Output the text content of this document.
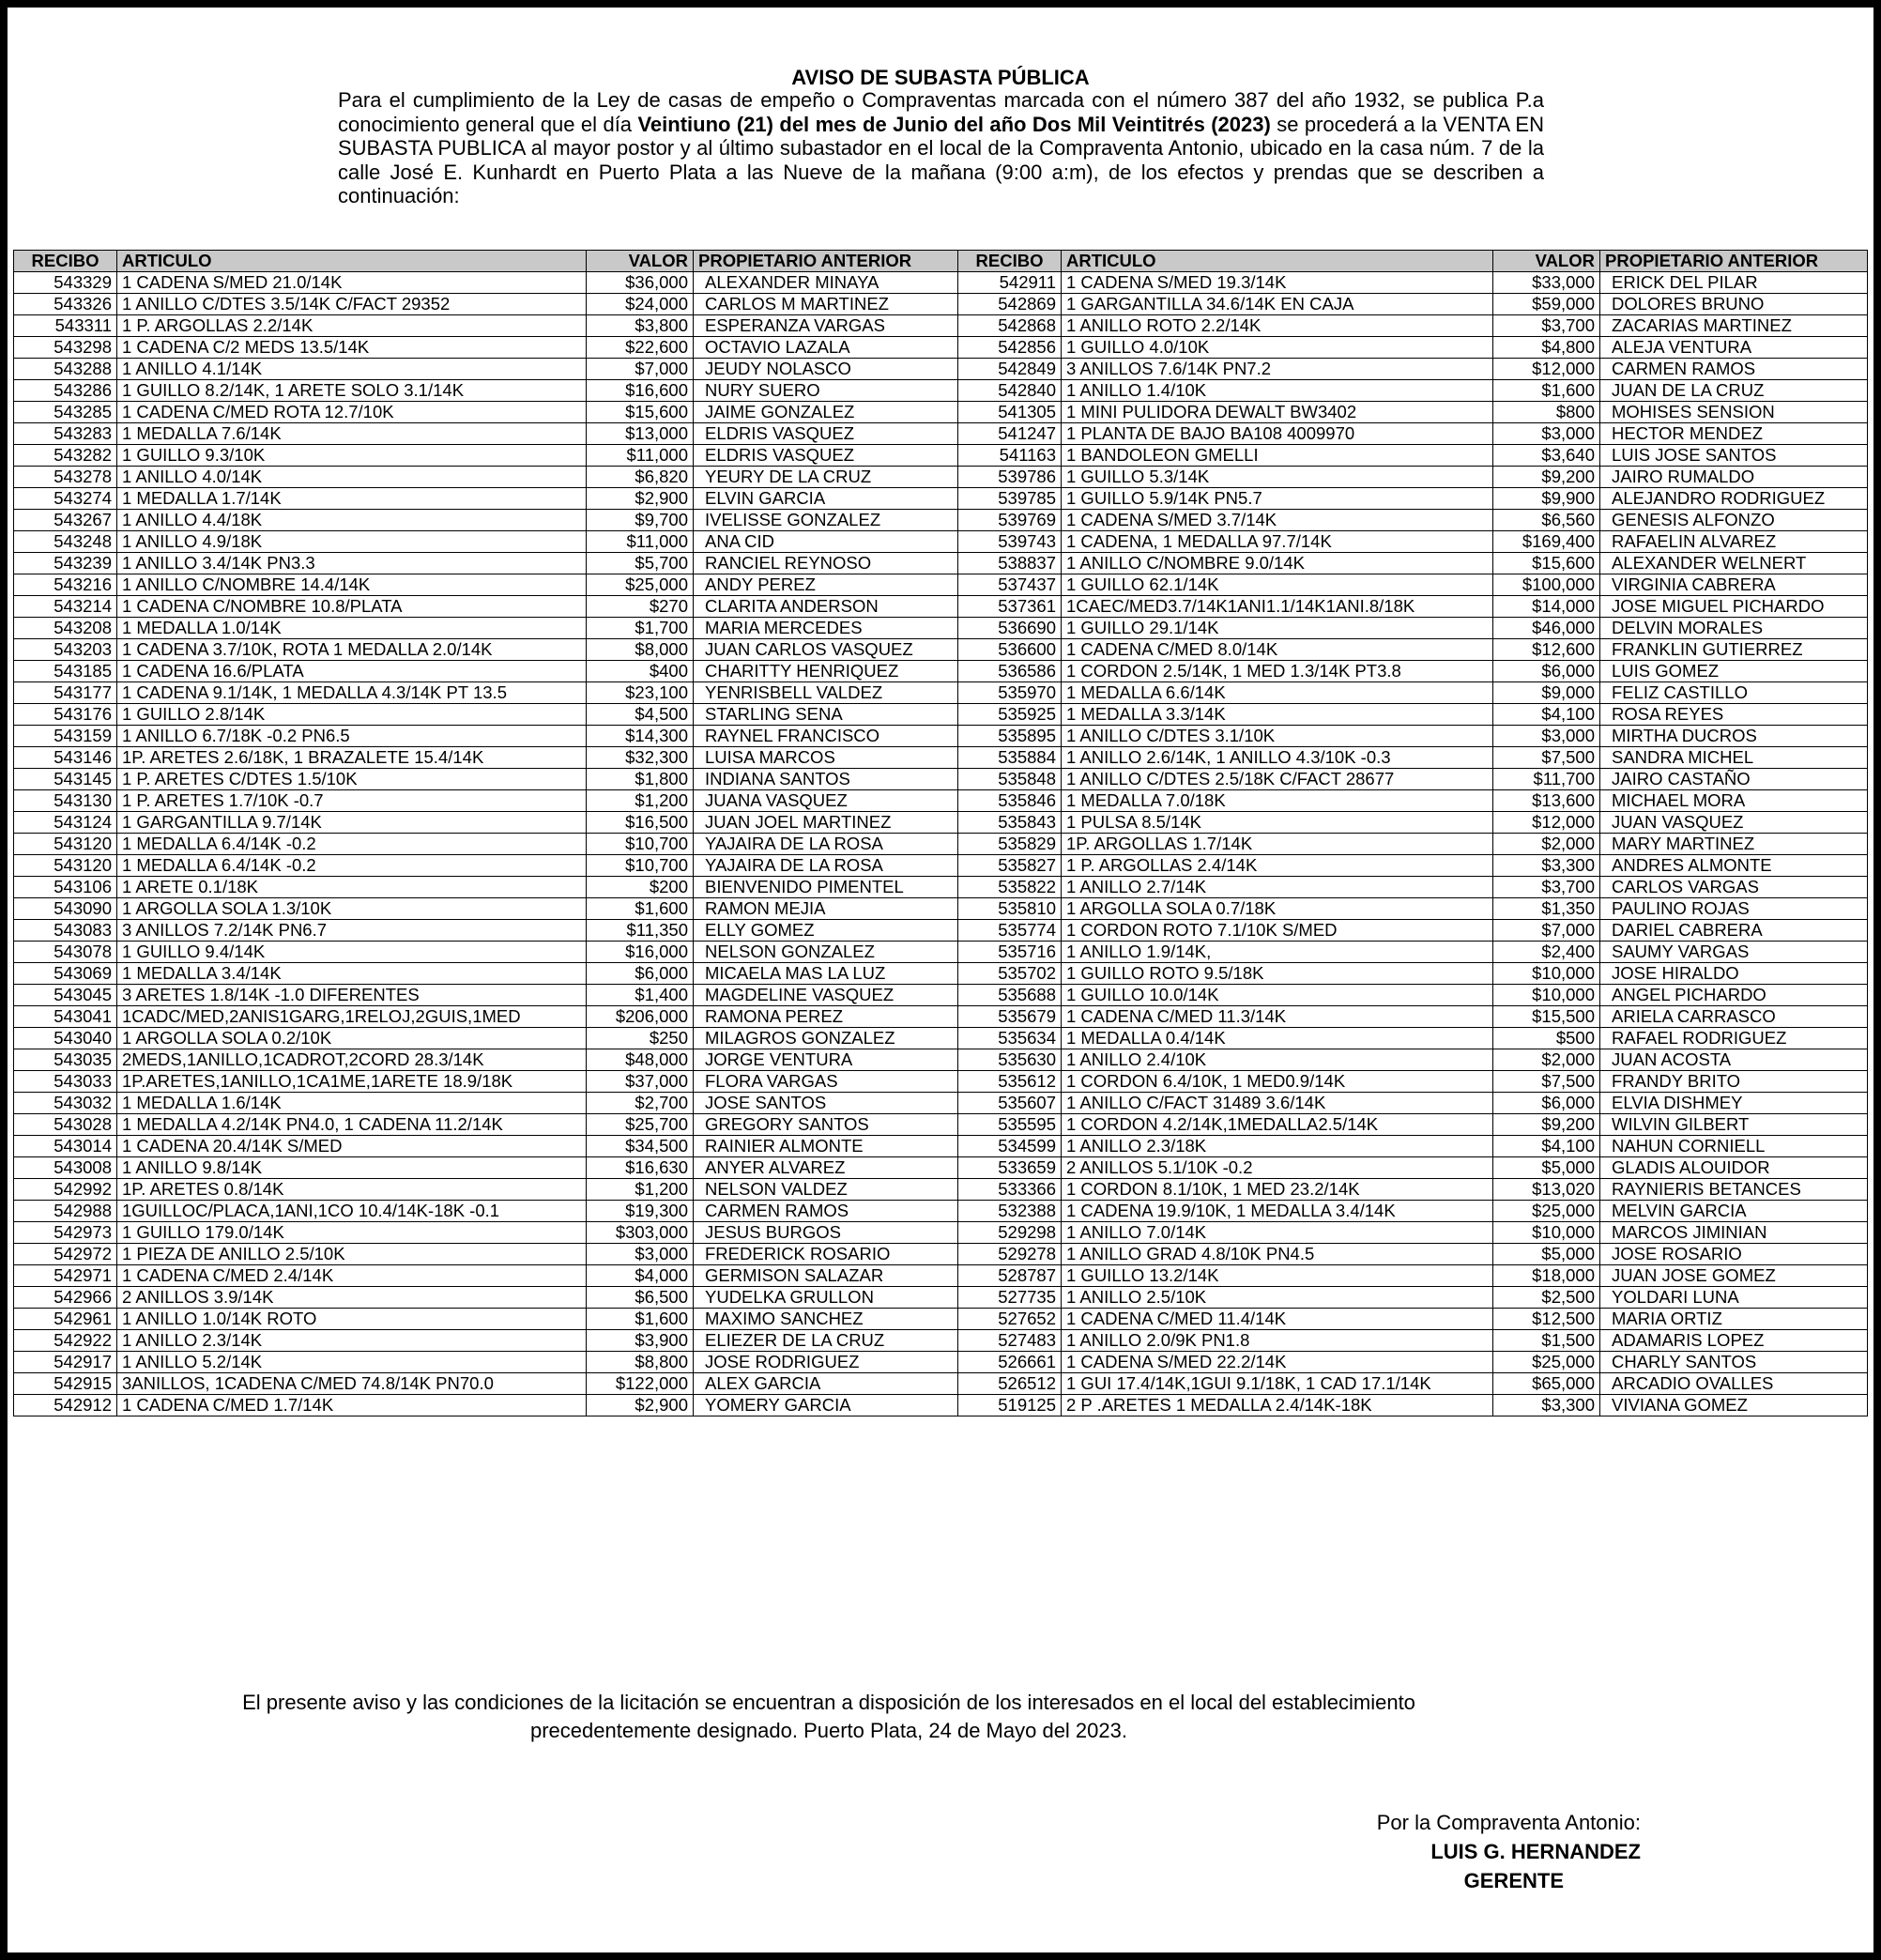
AVISO DE SUBASTA PÚBLICA
Para el cumplimiento de la Ley de casas de empeño o Compraventas marcada con el número 387 del año 1932, se publica P.a conocimiento general que el día Veintiuno (21) del mes de Junio del año Dos Mil Veintitrés (2023) se procederá a la VENTA EN SUBASTA PUBLICA al mayor postor y al último subastador en el local de la Compraventa Antonio, ubicado en la casa núm. 7 de la calle José E. Kunhardt en Puerto Plata a las Nueve de la mañana (9:00 a:m), de los efectos y prendas que se describen a continuación:
RECIBO	ARTICULO	VALOR	PROPIETARIO ANTERIOR	RECIBO	ARTICULO	VALOR	PROPIETARIO ANTERIOR
543329	1 CADENA S/MED 21.0/14K	$36,000	ALEXANDER MINAYA	542911	1 CADENA S/MED 19.3/14K	$33,000	ERICK DEL PILAR
543326	1 ANILLO C/DTES 3.5/14K C/FACT 29352	$24,000	CARLOS M MARTINEZ	542869	1 GARGANTILLA 34.6/14K EN CAJA	$59,000	DOLORES BRUNO
543311	1 P. ARGOLLAS 2.2/14K	$3,800	ESPERANZA VARGAS	542868	1 ANILLO ROTO 2.2/14K	$3,700	ZACARIAS MARTINEZ
543298	1 CADENA C/2 MEDS 13.5/14K	$22,600	OCTAVIO LAZALA	542856	1 GUILLO 4.0/10K	$4,800	ALEJA VENTURA
543288	1 ANILLO 4.1/14K	$7,000	JEUDY NOLASCO	542849	3 ANILLOS 7.6/14K PN7.2	$12,000	CARMEN RAMOS
543286	1 GUILLO 8.2/14K, 1 ARETE SOLO 3.1/14K	$16,600	NURY SUERO	542840	1 ANILLO 1.4/10K	$1,600	JUAN DE LA CRUZ
543285	1 CADENA C/MED ROTA 12.7/10K	$15,600	JAIME GONZALEZ	541305	1 MINI PULIDORA DEWALT BW3402	$800	MOHISES SENSION
543283	1 MEDALLA 7.6/14K	$13,000	ELDRIS VASQUEZ	541247	1 PLANTA DE BAJO BA108 4009970	$3,000	HECTOR MENDEZ
543282	1 GUILLO 9.3/10K	$11,000	ELDRIS VASQUEZ	541163	1 BANDOLEON GMELLI	$3,640	LUIS JOSE SANTOS
543278	1 ANILLO 4.0/14K	$6,820	YEURY DE LA CRUZ	539786	1 GUILLO 5.3/14K	$9,200	JAIRO RUMALDO
543274	1 MEDALLA 1.7/14K	$2,900	ELVIN GARCIA	539785	1 GUILLO 5.9/14K PN5.7	$9,900	ALEJANDRO RODRIGUEZ
543267	1 ANILLO 4.4/18K	$9,700	IVELISSE GONZALEZ	539769	1 CADENA S/MED 3.7/14K	$6,560	GENESIS ALFONZO
543248	1 ANILLO 4.9/18K	$11,000	ANA CID	539743	1 CADENA, 1 MEDALLA 97.7/14K	$169,400	RAFAELIN ALVAREZ
543239	1 ANILLO 3.4/14K PN3.3	$5,700	RANCIEL REYNOSO	538837	1 ANILLO C/NOMBRE 9.0/14K	$15,600	ALEXANDER WELNERT
543216	1 ANILLO C/NOMBRE 14.4/14K	$25,000	ANDY PEREZ	537437	1 GUILLO 62.1/14K	$100,000	VIRGINIA CABRERA
543214	1 CADENA C/NOMBRE 10.8/PLATA	$270	CLARITA ANDERSON	537361	1CAEC/MED3.7/14K1ANI1.1/14K1ANI.8/18K	$14,000	JOSE MIGUEL PICHARDO
543208	1 MEDALLA 1.0/14K	$1,700	MARIA MERCEDES	536690	1 GUILLO 29.1/14K	$46,000	DELVIN MORALES
543203	1 CADENA 3.7/10K, ROTA 1 MEDALLA 2.0/14K	$8,000	JUAN CARLOS VASQUEZ	536600	1 CADENA C/MED 8.0/14K	$12,600	FRANKLIN GUTIERREZ
543185	1 CADENA 16.6/PLATA	$400	CHARITTY HENRIQUEZ	536586	1 CORDON 2.5/14K, 1 MED 1.3/14K PT3.8	$6,000	LUIS GOMEZ
543177	1 CADENA 9.1/14K, 1 MEDALLA 4.3/14K PT 13.5	$23,100	YENRISBELL VALDEZ	535970	1 MEDALLA 6.6/14K	$9,000	FELIZ CASTILLO
543176	1 GUILLO 2.8/14K	$4,500	STARLING SENA	535925	1 MEDALLA 3.3/14K	$4,100	ROSA REYES
543159	1 ANILLO 6.7/18K -0.2 PN6.5	$14,300	RAYNEL FRANCISCO	535895	1 ANILLO C/DTES 3.1/10K	$3,000	MIRTHA DUCROS
543146	1P. ARETES 2.6/18K, 1 BRAZALETE 15.4/14K	$32,300	LUISA MARCOS	535884	1 ANILLO 2.6/14K, 1 ANILLO 4.3/10K -0.3	$7,500	SANDRA MICHEL
543145	1 P. ARETES C/DTES 1.5/10K	$1,800	INDIANA SANTOS	535848	1 ANILLO C/DTES 2.5/18K C/FACT 28677	$11,700	JAIRO CASTAÑO
543130	1 P. ARETES 1.7/10K -0.7	$1,200	JUANA VASQUEZ	535846	1 MEDALLA 7.0/18K	$13,600	MICHAEL MORA
543124	1 GARGANTILLA 9.7/14K	$16,500	JUAN JOEL MARTINEZ	535843	1 PULSA 8.5/14K	$12,000	JUAN VASQUEZ
543120	1 MEDALLA 6.4/14K -0.2	$10,700	YAJAIRA DE LA ROSA	535829	1P. ARGOLLAS 1.7/14K	$2,000	MARY MARTINEZ
543120	1 MEDALLA 6.4/14K -0.2	$10,700	YAJAIRA DE LA ROSA	535827	1 P. ARGOLLAS 2.4/14K	$3,300	ANDRES ALMONTE
543106	1 ARETE 0.1/18K	$200	BIENVENIDO PIMENTEL	535822	1 ANILLO 2.7/14K	$3,700	CARLOS VARGAS
543090	1 ARGOLLA SOLA 1.3/10K	$1,600	RAMON MEJIA	535810	1 ARGOLLA SOLA 0.7/18K	$1,350	PAULINO ROJAS
543083	3 ANILLOS 7.2/14K PN6.7	$11,350	ELLY GOMEZ	535774	1 CORDON ROTO 7.1/10K S/MED	$7,000	DARIEL CABRERA
543078	1 GUILLO 9.4/14K	$16,000	NELSON GONZALEZ	535716	1 ANILLO 1.9/14K,	$2,400	SAUMY VARGAS
543069	1 MEDALLA 3.4/14K	$6,000	MICAELA MAS LA LUZ	535702	1 GUILLO ROTO 9.5/18K	$10,000	JOSE HIRALDO
543045	3 ARETES 1.8/14K -1.0 DIFERENTES	$1,400	MAGDELINE VASQUEZ	535688	1 GUILLO 10.0/14K	$10,000	ANGEL PICHARDO
543041	1CADC/MED,2ANIS1GARG,1RELOJ,2GUIS,1MED	$206,000	RAMONA PEREZ	535679	1 CADENA C/MED 11.3/14K	$15,500	ARIELA CARRASCO
543040	1 ARGOLLA SOLA 0.2/10K	$250	MILAGROS GONZALEZ	535634	1 MEDALLA 0.4/14K	$500	RAFAEL RODRIGUEZ
543035	2MEDS,1ANILLO,1CADROT,2CORD 28.3/14K	$48,000	JORGE VENTURA	535630	1 ANILLO 2.4/10K	$2,000	JUAN ACOSTA
543033	1P.ARETES,1ANILLO,1CA1ME,1ARETE 18.9/18K	$37,000	FLORA VARGAS	535612	1 CORDON 6.4/10K, 1 MED0.9/14K	$7,500	FRANDY BRITO
543032	1 MEDALLA 1.6/14K	$2,700	JOSE SANTOS	535607	1 ANILLO C/FACT 31489 3.6/14K	$6,000	ELVIA DISHMEY
543028	1 MEDALLA 4.2/14K PN4.0, 1 CADENA 11.2/14K	$25,700	GREGORY SANTOS	535595	1 CORDON 4.2/14K,1MEDALLA2.5/14K	$9,200	WILVIN GILBERT
543014	1 CADENA 20.4/14K S/MED	$34,500	RAINIER ALMONTE	534599	1 ANILLO 2.3/18K	$4,100	NAHUN CORNIELL
543008	1 ANILLO 9.8/14K	$16,630	ANYER ALVAREZ	533659	2 ANILLOS 5.1/10K -0.2	$5,000	GLADIS ALOUIDOR
542992	1P. ARETES 0.8/14K	$1,200	NELSON VALDEZ	533366	1 CORDON 8.1/10K, 1 MED 23.2/14K	$13,020	RAYNIERIS BETANCES
542988	1GUILLOC/PLACA,1ANI,1CO 10.4/14K-18K -0.1	$19,300	CARMEN RAMOS	532388	1 CADENA 19.9/10K, 1 MEDALLA 3.4/14K	$25,000	MELVIN GARCIA
542973	1 GUILLO 179.0/14K	$303,000	JESUS BURGOS	529298	1 ANILLO 7.0/14K	$10,000	MARCOS JIMINIAN
542972	1 PIEZA DE ANILLO 2.5/10K	$3,000	FREDERICK ROSARIO	529278	1 ANILLO GRAD 4.8/10K PN4.5	$5,000	JOSE ROSARIO
542971	1 CADENA C/MED 2.4/14K	$4,000	GERMISON SALAZAR	528787	1 GUILLO 13.2/14K	$18,000	JUAN JOSE GOMEZ
542966	2 ANILLOS 3.9/14K	$6,500	YUDELKA GRULLON	527735	1 ANILLO 2.5/10K	$2,500	YOLDARI LUNA
542961	1 ANILLO 1.0/14K ROTO	$1,600	MAXIMO SANCHEZ	527652	1 CADENA C/MED 11.4/14K	$12,500	MARIA ORTIZ
542922	1 ANILLO 2.3/14K	$3,900	ELIEZER DE LA CRUZ	527483	1 ANILLO 2.0/9K PN1.8	$1,500	ADAMARIS LOPEZ
542917	1 ANILLO 5.2/14K	$8,800	JOSE RODRIGUEZ	526661	1 CADENA S/MED 22.2/14K	$25,000	CHARLY SANTOS
542915	3ANILLOS, 1CADENA C/MED 74.8/14K PN70.0	$122,000	ALEX GARCIA	526512	1 GUI 17.4/14K,1GUI 9.1/18K, 1 CAD 17.1/14K	$65,000	ARCADIO OVALLES
542912	1 CADENA C/MED 1.7/14K	$2,900	YOMERY GARCIA	519125	2 P .ARETES 1 MEDALLA 2.4/14K-18K	$3,300	VIVIANA GOMEZ
El presente aviso y las condiciones de la licitación se encuentran a disposición de los interesados en el local del establecimiento
precedentemente designado. Puerto Plata, 24 de Mayo del 2023.
Por la Compraventa Antonio:
LUIS G. HERNANDEZ
GERENTE
